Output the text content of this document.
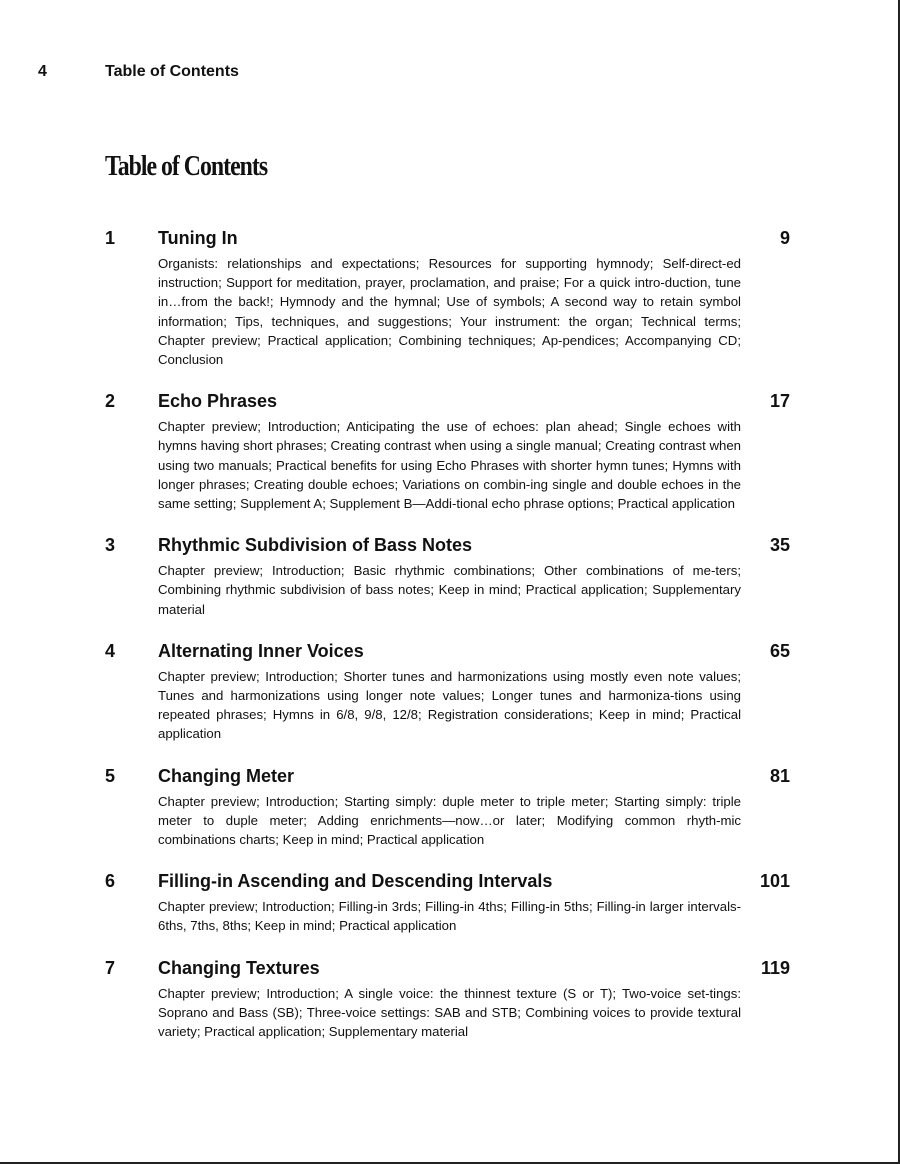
4	Table of Contents
Table of Contents
1 Tuning In	9

Organists: relationships and expectations; Resources for supporting hymnody; Self-direct-ed instruction; Support for meditation, prayer, proclamation, and praise; For a quick intro-duction, tune in…from the back!; Hymnody and the hymnal; Use of symbols; A second way to retain symbol information; Tips, techniques, and suggestions; Your instrument: the organ; Technical terms; Chapter preview; Practical application; Combining techniques; Ap-pendices; Accompanying CD; Conclusion

2 Echo Phrases	17

Chapter preview; Introduction; Anticipating the use of echoes: plan ahead; Single echoes with hymns having short phrases; Creating contrast when using a single manual; Creating contrast when using two manuals; Practical benefits for using Echo Phrases with shorter hymn tunes; Hymns with longer phrases; Creating double echoes; Variations on combin-ing single and double echoes in the same setting; Supplement A; Supplement B—Addi-tional echo phrase options; Practical application

3 Rhythmic Subdivision of Bass Notes	35

Chapter preview; Introduction; Basic rhythmic combinations; Other combinations of me-ters; Combining rhythmic subdivision of bass notes; Keep in mind; Practical application; Supplementary material

4 Alternating Inner Voices	65

Chapter preview; Introduction; Shorter tunes and harmonizations using mostly even note values; Tunes and harmonizations using longer note values; Longer tunes and harmoniza-tions using repeated phrases; Hymns in 6/8, 9/8, 12/8; Registration considerations; Keep in mind; Practical application

5 Changing Meter	81

Chapter preview; Introduction; Starting simply: duple meter to triple meter; Starting simply: triple meter to duple meter; Adding enrichments—now…or later; Modifying common rhyth-mic combinations charts; Keep in mind; Practical application

6 Filling-in Ascending and Descending Intervals	101

Chapter preview; Introduction; Filling-in 3rds; Filling-in 4ths; Filling-in 5ths; Filling-in larger intervals-6ths, 7ths, 8ths; Keep in mind; Practical application

7 Changing Textures	119

Chapter preview; Introduction; A single voice: the thinnest texture (S or T); Two-voice set-tings: Soprano and Bass (SB); Three-voice settings: SAB and STB; Combining voices to provide textural variety; Practical application; Supplementary material
